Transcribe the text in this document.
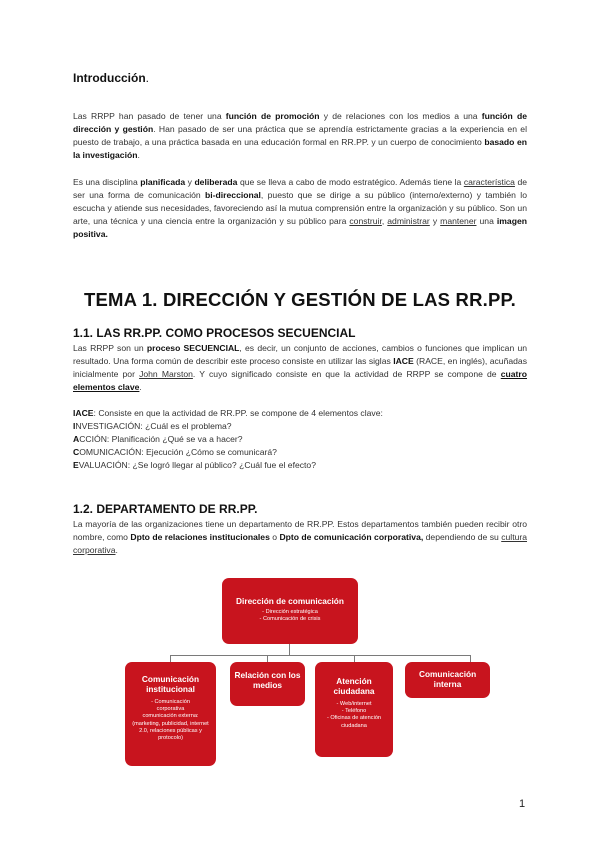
Introducción.

Las RRPP han pasado de tener una función de promoción y de relaciones con los medios a una función de dirección y gestión. Han pasado de ser una práctica que se aprendía estrictamente gracias a la experiencia en el puesto de trabajo, a una práctica basada en una educación formal en RR.PP. y un cuerpo de conocimiento basado en la investigación.

Es una disciplina planificada y deliberada que se lleva a cabo de modo estratégico. Además tiene la característica de ser una forma de comunicación bi-direccional, puesto que se dirige a su público (interno/externo) y también lo escucha y atiende sus necesidades, favoreciendo así la mutua comprensión entre la organización y su público. Son un arte, una técnica y una ciencia entre la organización y su público para construir, administrar y mantener una imagen positiva.

TEMA 1. DIRECCIÓN Y GESTIÓN DE LAS RR.PP.
1.1. LAS RR.PP. COMO PROCESOS SECUENCIAL

Las RRPP son un proceso SECUENCIAL, es decir, un conjunto de acciones, cambios o funciones que implican un resultado. Una forma común de describir este proceso consiste en utilizar las siglas IACE (RACE, en inglés), acuñadas inicialmente por John Marston. Y cuyo significado consiste en que la actividad de RRPP se compone de cuatro elementos clave.

IACE: Consiste en que la actividad de RR.PP. se compone de 4 elementos clave:
INVESTIGACIÓN: ¿Cuál es el problema?
ACCIÓN: Planificación ¿Qué se va a hacer?
COMUNICACIÓN: Ejecución ¿Cómo se comunicará?
EVALUACIÓN: ¿Se logró llegar al público? ¿Cuál fue el efecto?
1.2. DEPARTAMENTO DE RR.PP.

La mayoría de las organizaciones tiene un departamento de RR.PP. Estos departamentos también pueden recibir otro nombre, como Dpto de relaciones institucionales o Dpto de comunicación corporativa, dependiendo de su cultura corporativa.

Dirección de comunicación
- Dirección estratégica
- Comunicación de crisis
Comunicación institucional
- Comunicación corporativa
comunicación externa: (marketing, publicidad, internet 2.0, relaciones públicas y protocolo)
Relación con los medios	Atención ciudadana
- Web/internet
- Teléfono
- Oficinas de atención ciudadana
Comunicación interna
1
